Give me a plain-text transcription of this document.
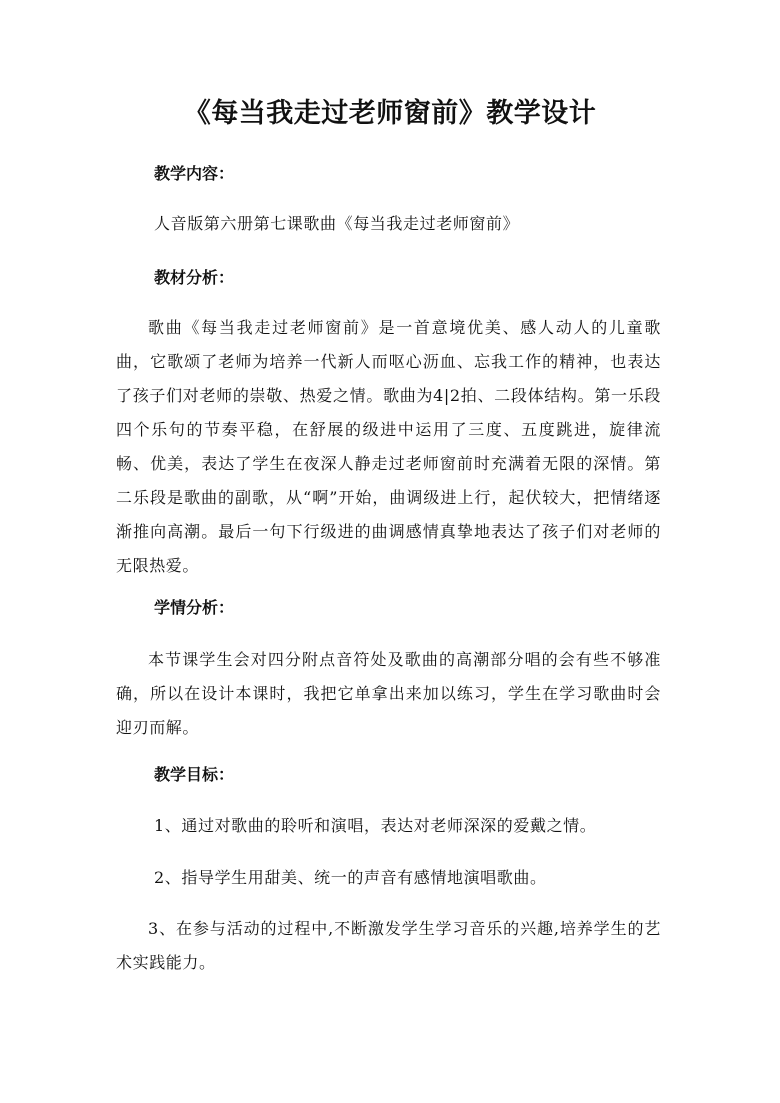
《每当我走过老师窗前》教学设计
教学内容：
人音版第六册第七课歌曲《每当我走过老师窗前》
教材分析：
歌曲《每当我走过老师窗前》是一首意境优美、感人动人的儿童歌曲，它歌颂了老师为培养一代新人而呕心沥血、忘我工作的精神，也表达了孩子们对老师的崇敬、热爱之情。歌曲为4|2拍、二段体结构。第一乐段四个乐句的节奏平稳，在舒展的级进中运用了三度、五度跳进，旋律流畅、优美，表达了学生在夜深人静走过老师窗前时充满着无限的深情。第二乐段是歌曲的副歌，从“啊”开始，曲调级进上行，起伏较大，把情绪逐渐推向高潮。最后一句下行级进的曲调感情真挚地表达了孩子们对老师的无限热爱。
学情分析：
本节课学生会对四分附点音符处及歌曲的高潮部分唱的会有些不够准确，所以在设计本课时，我把它单拿出来加以练习，学生在学习歌曲时会迎刃而解。
教学目标：
1、通过对歌曲的聆听和演唱，表达对老师深深的爱戴之情。
2、指导学生用甜美、统一的声音有感情地演唱歌曲。
3、在参与活动的过程中,不断激发学生学习音乐的兴趣,培养学生的艺术实践能力。
